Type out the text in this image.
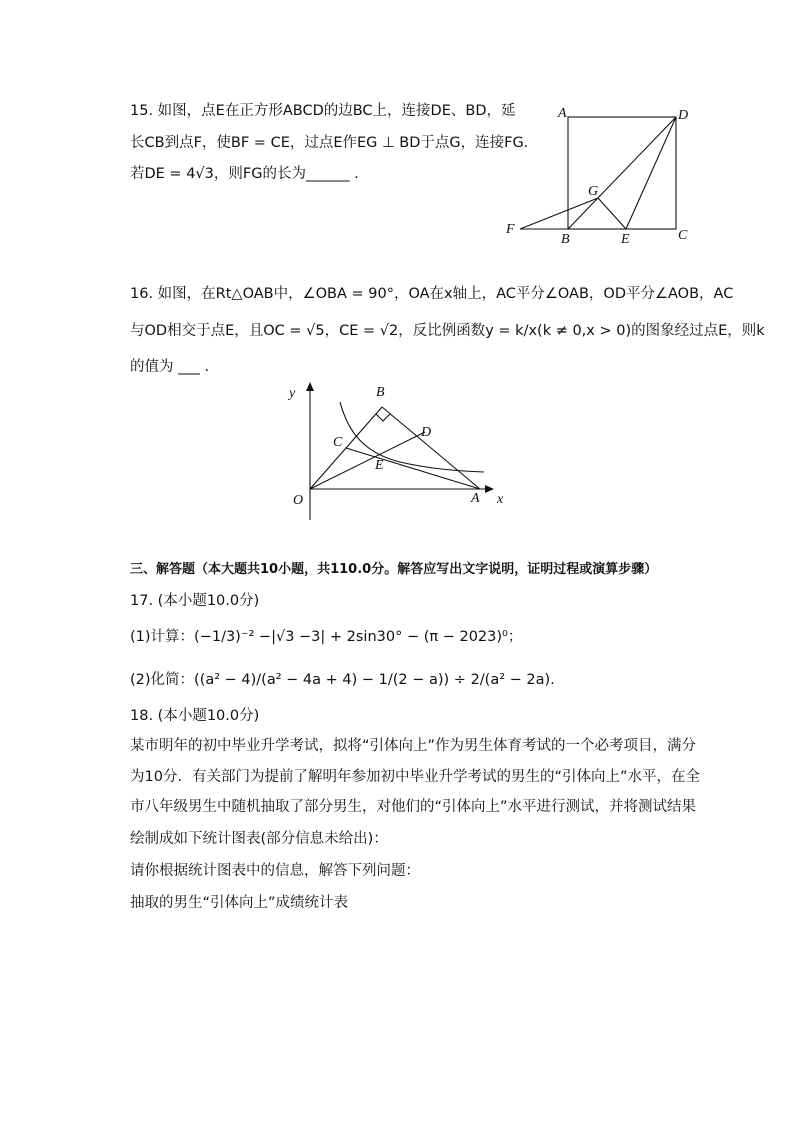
15. 如图，点E在正方形ABCD的边BC上，连接DE、BD，延
长CB到点F，使BF = CE，过点E作EG ⊥ BD于点G，连接FG.
若DE = 4√3，则FG的长为______ .
A	D
G
F
B	E	C
16. 如图，在Rt△OAB中，∠OBA = 90°，OA在x轴上，AC平分∠OAB，OD平分∠AOB，AC
与OD相交于点E，且OC = √5，CE = √2，反比例函数y = k/x(k ≠ 0,x > 0)的图象经过点E，则k
的值为 ___ .
y	B
C
D
E
O	A x
三、解答题（本大题共10小题，共110.0分。解答应写出文字说明，证明过程或演算步骤）
17. (本小题10.0分)
(1)计算：(−1/3)⁻² −|√3 −3| + 2sin30° − (π − 2023)⁰；
(2)化简：((a² − 4)/(a² − 4a + 4) − 1/(2 − a)) ÷ 2/(a² − 2a).
18. (本小题10.0分)
某市明年的初中毕业升学考试，拟将“引体向上”作为男生体育考试的一个必考项目，满分
为10分．有关部门为提前了解明年参加初中毕业升学考试的男生的“引体向上”水平，在全
市八年级男生中随机抽取了部分男生，对他们的“引体向上”水平进行测试，并将测试结果
绘制成如下统计图表(部分信息未给出)：
请你根据统计图表中的信息，解答下列问题：
抽取的男生“引体向上”成绩统计表
